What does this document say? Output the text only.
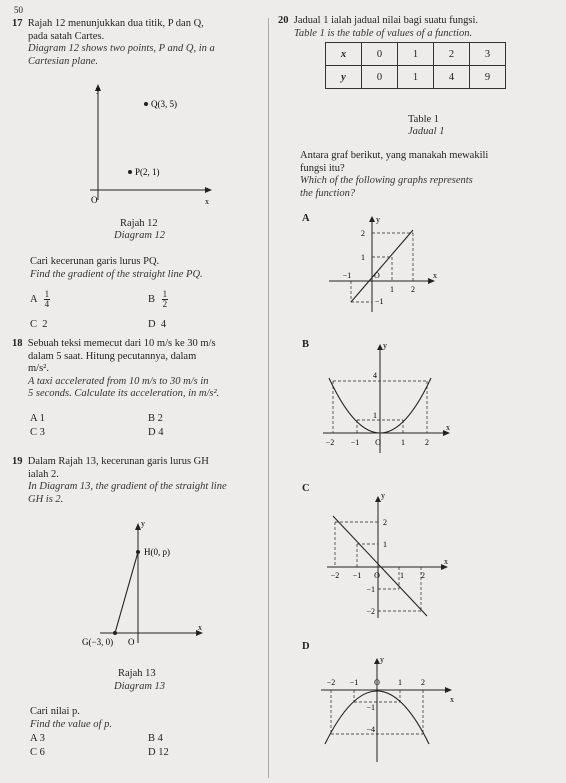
50

17 Rajah 12 menunjukkan dua titik, P dan Q,

pada satah Cartes.

Diagram 12 shows two points, P and Q, in a

Cartesian plane.

y
x
O
Q(3, 5)
P(2, 1)
Rajah 12
Diagram 12

Cari kecerunan garis lurus PQ.

Find the gradient of the straight line PQ.

A $\frac{1}{4}$	B $\frac{1}{2}$
C 2	D 4

18 Sebuah teksi memecut dari 10 m/s ke 30 m/s

dalam 5 saat. Hitung pecutannya, dalam

m/s².

A taxi accelerated from 10 m/s to 30 m/s in

5 seconds. Calculate its acceleration, in m/s².

A 1	B 2
C 3	D 4

19 Dalam Rajah 13, kecerunan garis lurus GH

ialah 2.

In Diagram 13, the gradient of the straight line

GH is 2.

y
x
H(0, p)
G(−3, 0) O
Rajah 13
Diagram 13

Cari nilai p.

Find the value of p.

A 3	B 4
C 6	D 12

20 Jadual 1 ialah jadual nilai bagi suatu fungsi.

Table 1 is the table of values of a function.

x	0	1	2	3
y	0	1	4	9
Table 1
Jadual 1

Antara graf berikut, yang manakah mewakili

fungsi itu?

Which of the following graphs represents

the function?

A	y
x
2
1
−1
−1
1 2
O
B	y
x
4
1
−2 −1	1	2
O
C
y
x
2
1
−1
−2
−2 −1	1 2
O
D
y
x
−1
−4
−2 −1	1 2
O
